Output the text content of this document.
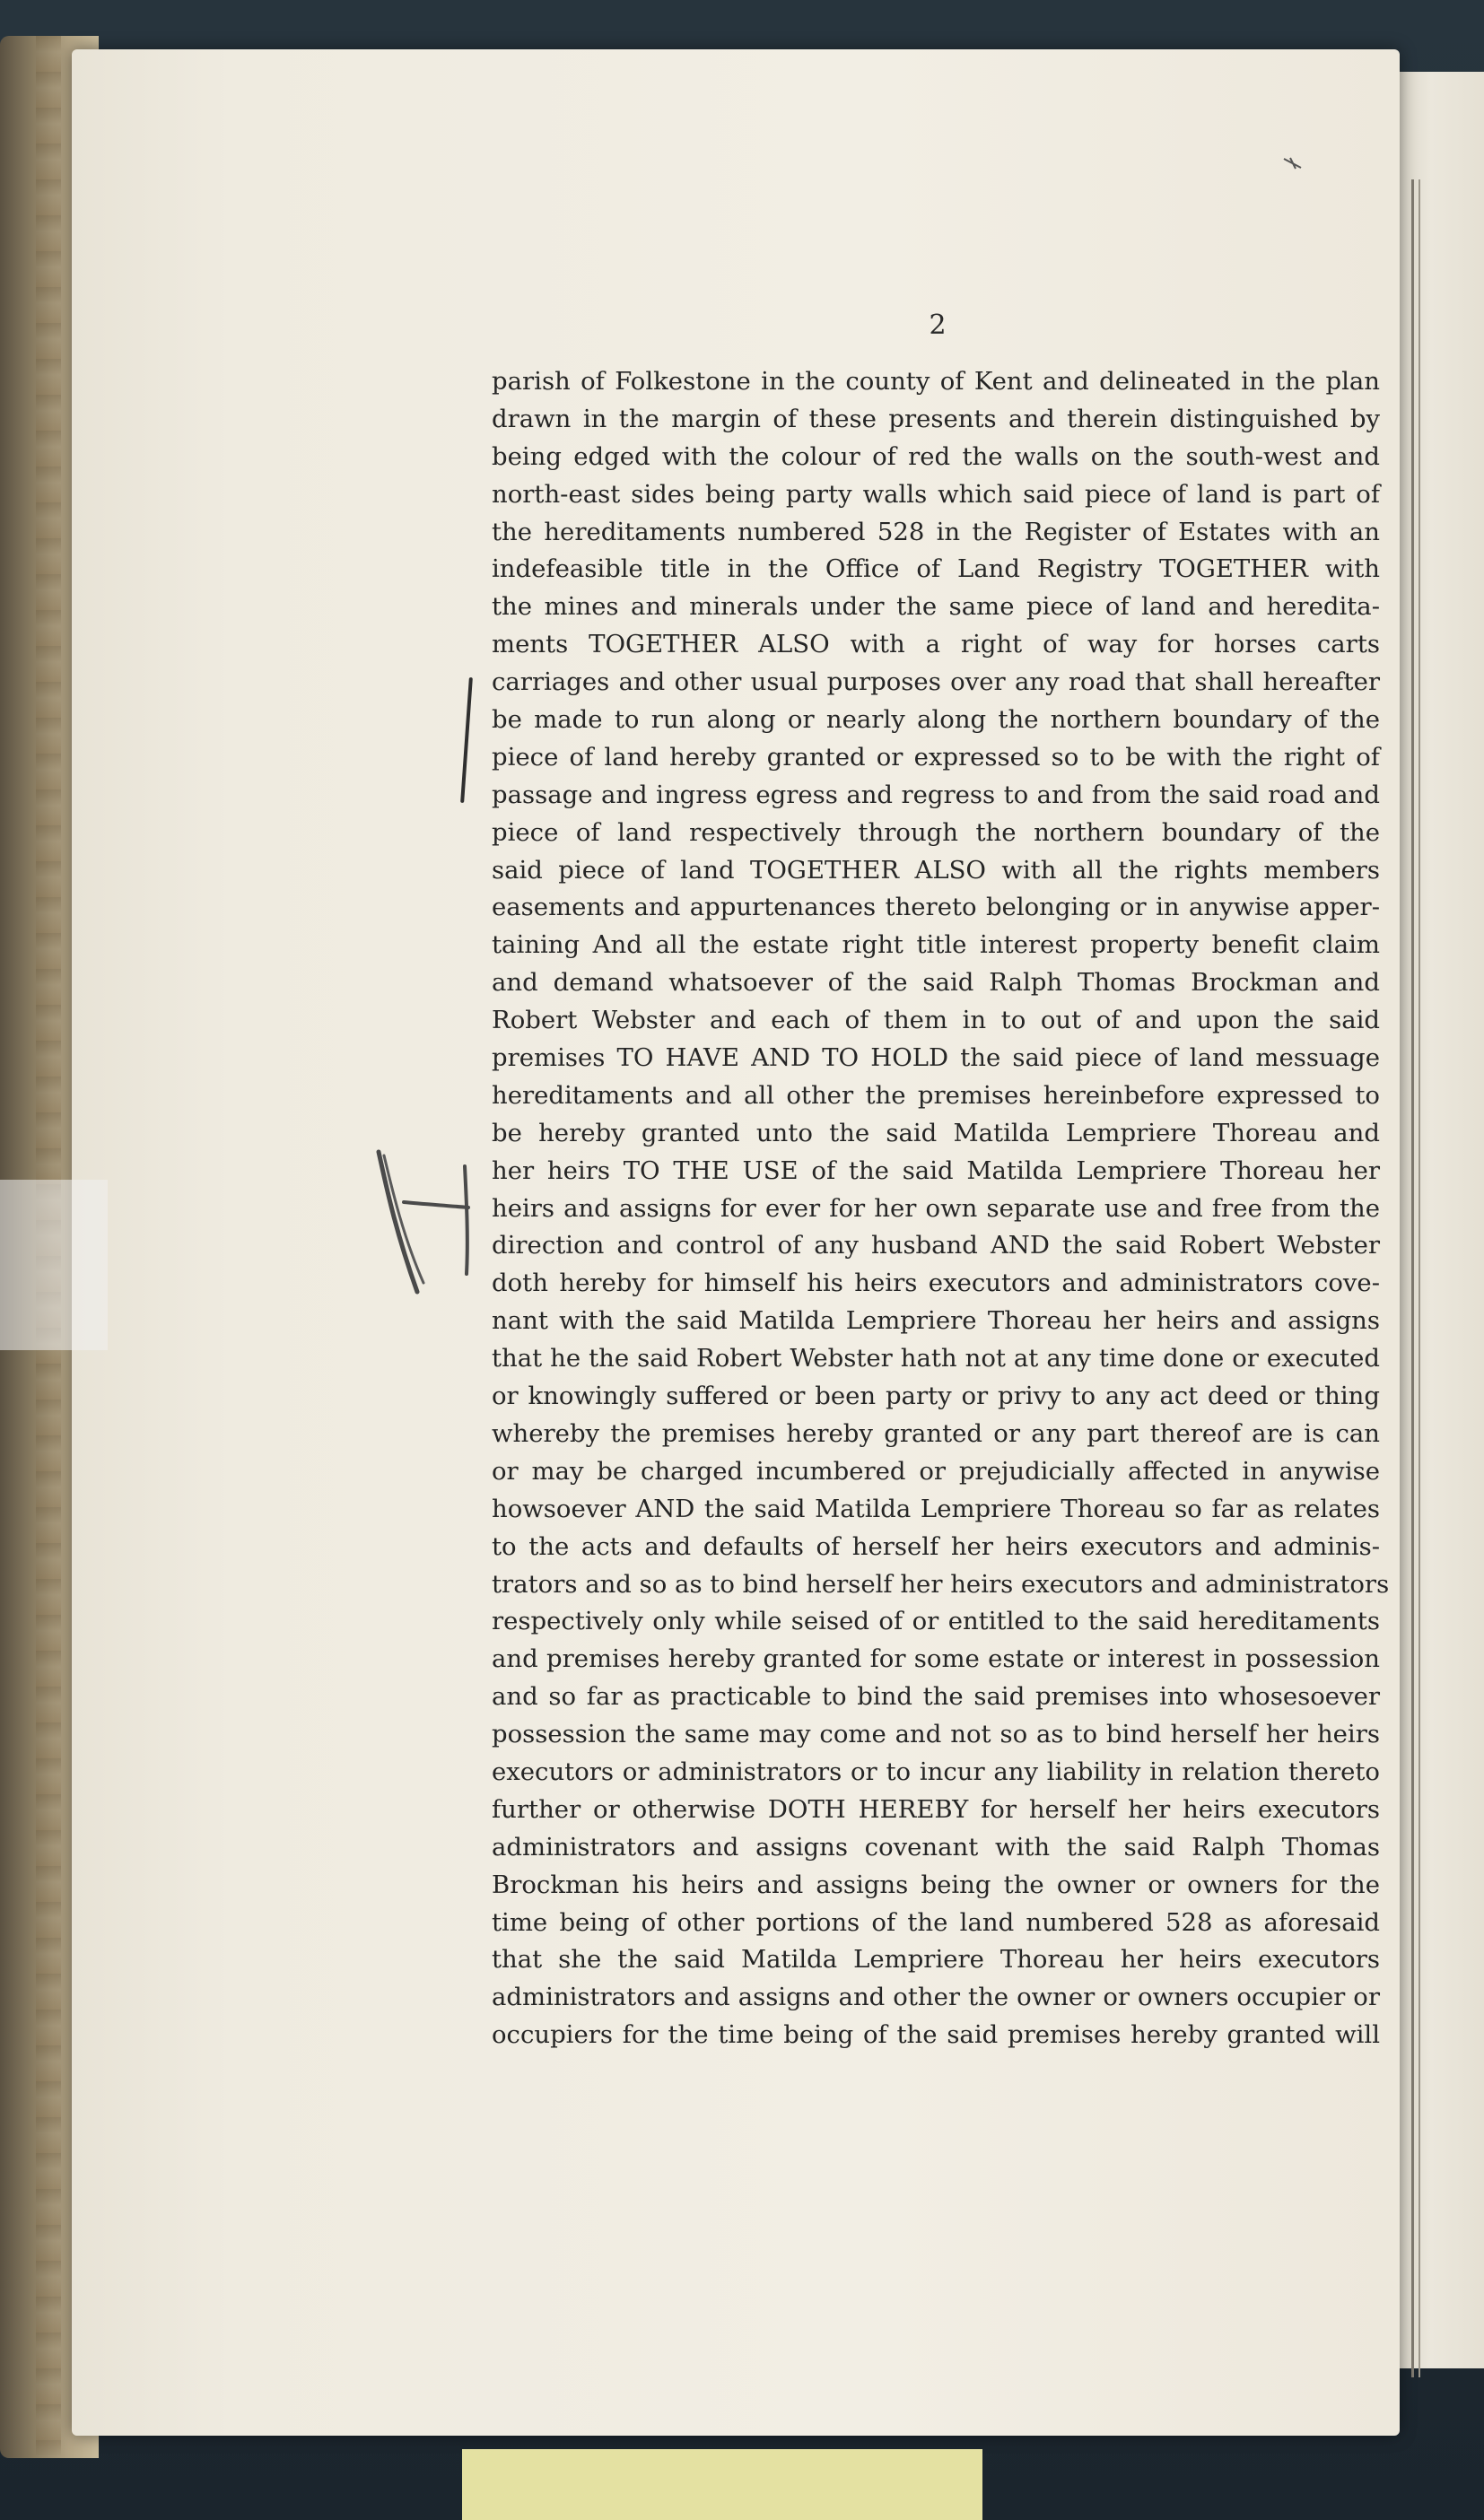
2
parish of Folkestone in the county of Kent and delineated in the plan
drawn in the margin of these presents and therein distinguished by
being edged with the colour of red the walls on the south-west and
north-east sides being party walls which said piece of land is part of
the hereditaments numbered 528 in the Register of Estates with an
indefeasible title in the Office of Land Registry TOGETHER with
the mines and minerals under the same piece of land and heredita-
ments TOGETHER ALSO with a right of way for horses carts
carriages and other usual purposes over any road that shall hereafter
be made to run along or nearly along the northern boundary of the
piece of land hereby granted or expressed so to be with the right of
passage and ingress egress and regress to and from the said road and
piece of land respectively through the northern boundary of the
said piece of land TOGETHER ALSO with all the rights members
easements and appurtenances thereto belonging or in anywise apper-
taining And all the estate right title interest property benefit claim
and demand whatsoever of the said Ralph Thomas Brockman and
Robert Webster and each of them in to out of and upon the said
premises TO HAVE AND TO HOLD the said piece of land messuage
hereditaments and all other the premises hereinbefore expressed to
be hereby granted unto the said Matilda Lempriere Thoreau and
her heirs TO THE USE of the said Matilda Lempriere Thoreau her
heirs and assigns for ever for her own separate use and free from the
direction and control of any husband AND the said Robert Webster
doth hereby for himself his heirs executors and administrators cove-
nant with the said Matilda Lempriere Thoreau her heirs and assigns
that he the said Robert Webster hath not at any time done or executed
or knowingly suffered or been party or privy to any act deed or thing
whereby the premises hereby granted or any part thereof are is can
or may be charged incumbered or prejudicially affected in anywise
howsoever AND the said Matilda Lempriere Thoreau so far as relates
to the acts and defaults of herself her heirs executors and adminis-
trators and so as to bind herself her heirs executors and administrators
respectively only while seised of or entitled to the said hereditaments
and premises hereby granted for some estate or interest in possession
and so far as practicable to bind the said premises into whosesoever
possession the same may come and not so as to bind herself her heirs
executors or administrators or to incur any liability in relation thereto
further or otherwise DOTH HEREBY for herself her heirs executors
administrators and assigns covenant with the said Ralph Thomas
Brockman his heirs and assigns being the owner or owners for the
time being of other portions of the land numbered 528 as aforesaid
that she the said Matilda Lempriere Thoreau her heirs executors
administrators and assigns and other the owner or owners occupier or
occupiers for the time being of the said premises hereby granted will
